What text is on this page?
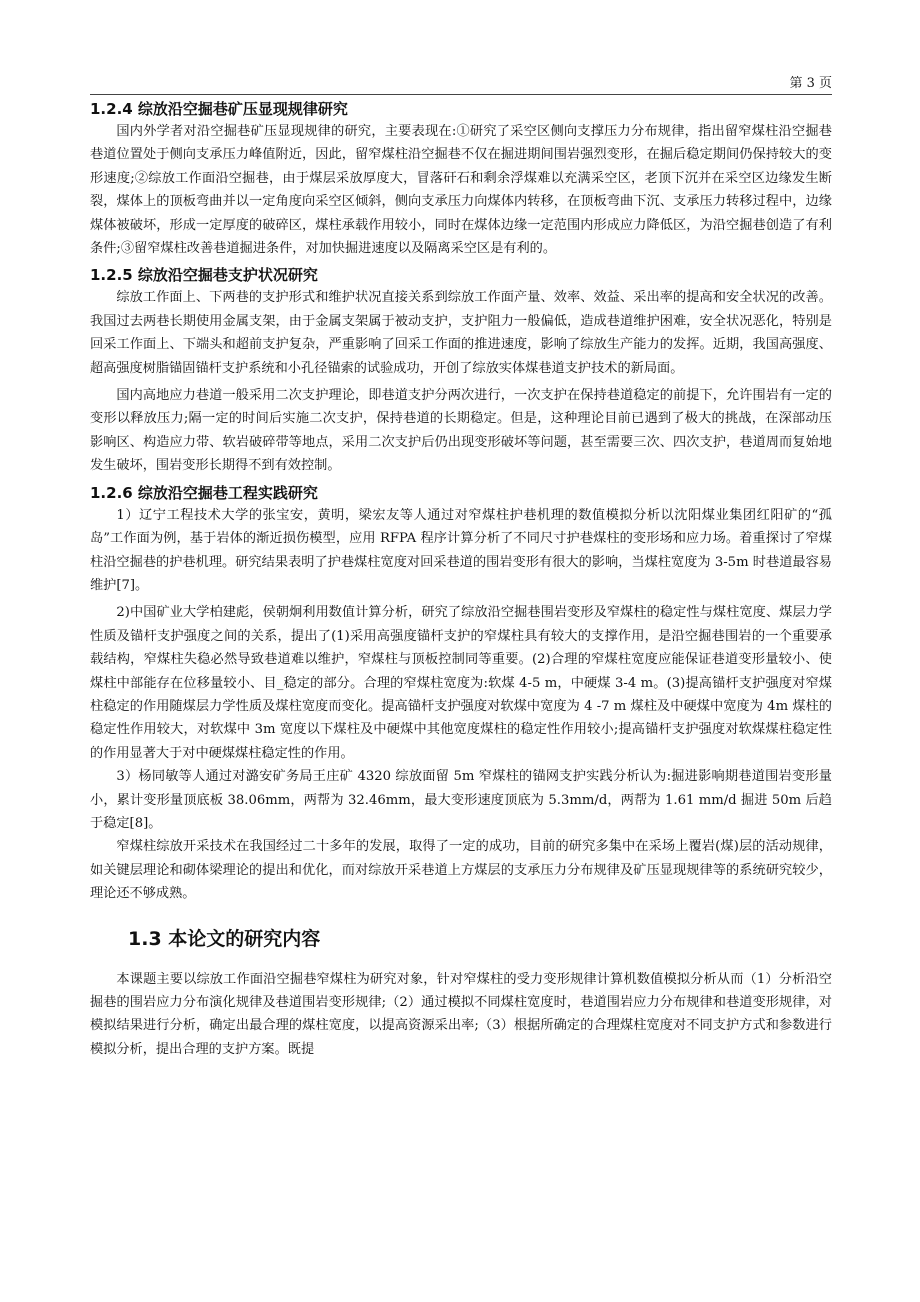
第 3 页
1.2.4 综放沿空掘巷矿压显现规律研究

国内外学者对沿空掘巷矿压显现规律的研究，主要表现在:①研究了采空区侧向支撑压力分布规律，指出留窄煤柱沿空掘巷巷道位置处于侧向支承压力峰值附近，因此，留窄煤柱沿空掘巷不仅在掘进期间围岩强烈变形，在掘后稳定期间仍保持较大的变形速度;②综放工作面沿空掘巷，由于煤层采放厚度大，冒落矸石和剩余浮煤难以充满采空区，老顶下沉并在采空区边缘发生断裂，煤体上的顶板弯曲并以一定角度向采空区倾斜，侧向支承压力向煤体内转移，在顶板弯曲下沉、支承压力转移过程中，边缘煤体被破坏，形成一定厚度的破碎区，煤柱承载作用较小，同时在煤体边缘一定范围内形成应力降低区，为沿空掘巷创造了有利条件;③留窄煤柱改善巷道掘进条件，对加快掘进速度以及隔离采空区是有利的。

1.2.5 综放沿空掘巷支护状况研究

综放工作面上、下两巷的支护形式和维护状况直接关系到综放工作面产量、效率、效益、采出率的提高和安全状况的改善。我国过去两巷长期使用金属支架，由于金属支架属于被动支护，支护阻力一般偏低，造成巷道维护困难，安全状况恶化，特别是回采工作面上、下端头和超前支护复杂，严重影响了回采工作面的推进速度，影响了综放生产能力的发挥。近期，我国高强度、超高强度树脂锚固锚杆支护系统和小孔径锚索的试验成功，开创了综放实体煤巷道支护技术的新局面。

国内高地应力巷道一般采用二次支护理论，即巷道支护分两次进行，一次支护在保持巷道稳定的前提下，允许围岩有一定的变形以释放压力;隔一定的时间后实施二次支护，保持巷道的长期稳定。但是，这种理论目前已遇到了极大的挑战，在深部动压影响区、构造应力带、软岩破碎带等地点，采用二次支护后仍出现变形破坏等问题，甚至需要三次、四次支护，巷道周而复始地发生破坏，围岩变形长期得不到有效控制。

1.2.6 综放沿空掘巷工程实践研究

1）辽宁工程技术大学的张宝安，黄明，梁宏友等人通过对窄煤柱护巷机理的数值模拟分析以沈阳煤业集团红阳矿的“孤岛”工作面为例，基于岩体的渐近损伤模型，应用 RFPA 程序计算分析了不同尺寸护巷煤柱的变形场和应力场。着重探讨了窄煤柱沿空掘巷的护巷机理。研究结果表明了护巷煤柱宽度对回采巷道的围岩变形有很大的影响，当煤柱宽度为 3-5m 时巷道最容易维护[7]。

2)中国矿业大学柏建彪，侯朝炯利用数值计算分析，研究了综放沿空掘巷围岩变形及窄煤柱的稳定性与煤柱宽度、煤层力学性质及锚杆支护强度之间的关系，提出了(1)采用高强度锚杆支护的窄煤柱具有较大的支撑作用，是沿空掘巷围岩的一个重要承载结构，窄煤柱失稳必然导致巷道难以维护，窄煤柱与顶板控制同等重要。(2)合理的窄煤柱宽度应能保证巷道变形量较小、使煤柱中部能存在位移量较小、目_稳定的部分。合理的窄煤柱宽度为:软煤 4-5 m，中硬煤 3-4 m。(3)提高锚杆支护强度对窄煤柱稳定的作用随煤层力学性质及煤柱宽度而变化。提高锚杆支护强度对软煤中宽度为 4 -7 m 煤柱及中硬煤中宽度为 4m 煤柱的稳定性作用较大，对软煤中 3m 宽度以下煤柱及中硬煤中其他宽度煤柱的稳定性作用较小;提高锚杆支护强度对软煤煤柱稳定性的作用显著大于对中硬煤煤柱稳定性的作用。

3）杨同敏等人通过对潞安矿务局王庄矿 4320 综放面留 5m 窄煤柱的锚网支护实践分析认为:掘进影响期巷道围岩变形量小，累计变形量顶底板 38.06mm，两帮为 32.46mm，最大变形速度顶底为 5.3mm/d，两帮为 1.61 mm/d 掘进 50m 后趋于稳定[8]。

窄煤柱综放开采技术在我国经过二十多年的发展，取得了一定的成功，目前的研究多集中在采场上覆岩(煤)层的活动规律，如关键层理论和砌体梁理论的提出和优化，而对综放开采巷道上方煤层的支承压力分布规律及矿压显现规律等的系统研究较少，理论还不够成熟。

1.3 本论文的研究内容

本课题主要以综放工作面沿空掘巷窄煤柱为研究对象，针对窄煤柱的受力变形规律计算机数值模拟分析从而（1）分析沿空掘巷的围岩应力分布演化规律及巷道围岩变形规律;（2）通过模拟不同煤柱宽度时，巷道围岩应力分布规律和巷道变形规律，对模拟结果进行分析，确定出最合理的煤柱宽度，以提高资源采出率;（3）根据所确定的合理煤柱宽度对不同支护方式和参数进行模拟分析，提出合理的支护方案。既提
